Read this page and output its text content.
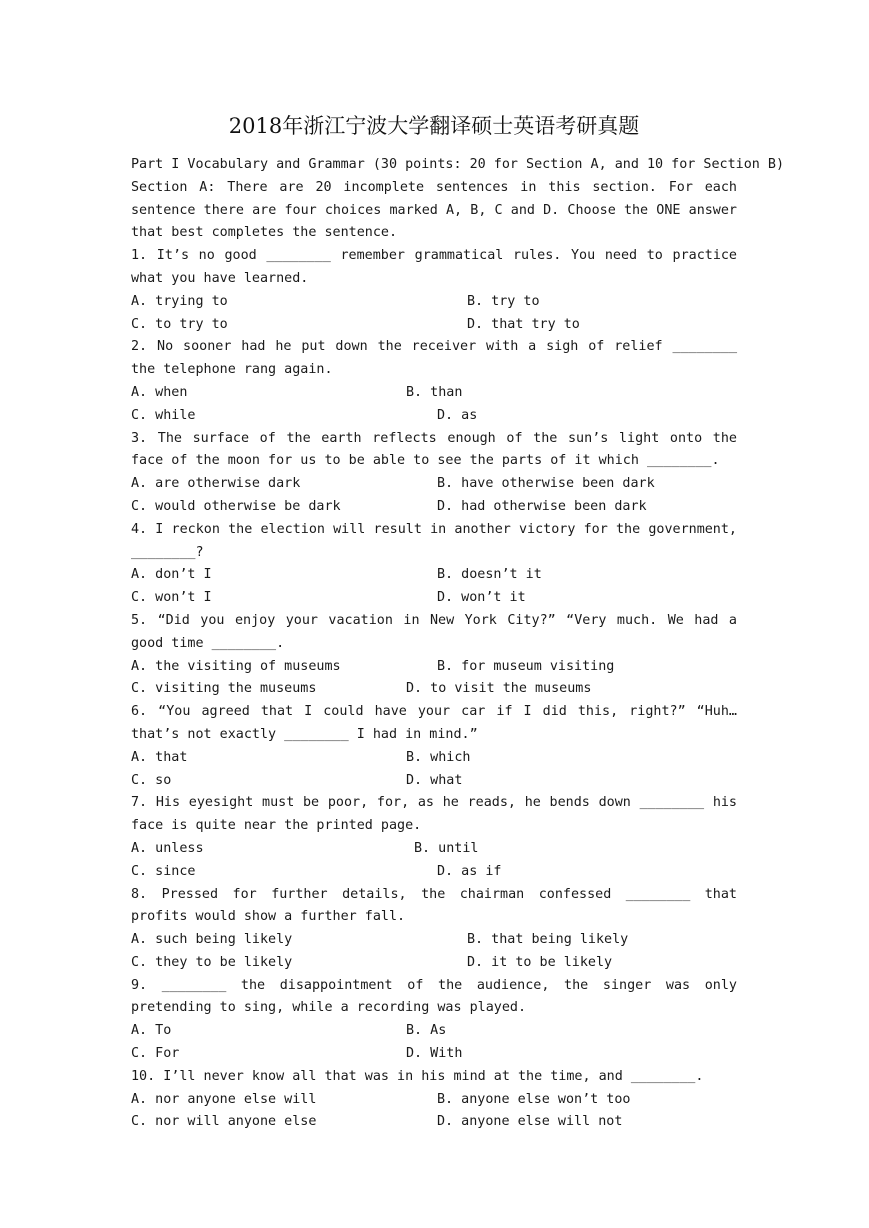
2018年浙江宁波大学翻译硕士英语考研真题
Part I Vocabulary and Grammar (30 points: 20 for Section A, and 10 for Section B)

Section A: There are 20 incomplete sentences in this section. For each sentence there are four choices marked A, B, C and D. Choose the ONE answer that best completes the sentence.

1. It’s no good ________ remember grammatical rules. You need to practice what you have learned.

A. trying to

	B. try to

C. to try to

	D. that try to

2. No sooner had he put down the receiver with a sigh of relief ________ the telephone rang again.

A. when

	B. than

C. while

	D. as

3. The surface of the earth reflects enough of the sun’s light onto the face of the moon for us to be able to see the parts of it which ________.

A. are otherwise dark

	B. have otherwise been dark

C. would otherwise be dark

	D. had otherwise been dark

4. I reckon the election will result in another victory for the government, ________?

A. don’t I

	B. doesn’t it

C. won’t I

	D. won’t it

5. “Did you enjoy your vacation in New York City?” “Very much. We had a good time ________.

A. the visiting of museums

	B. for museum visiting

C. visiting the museums

	D. to visit the museums

6. “You agreed that I could have your car if I did this, right?” “Huh… that’s not exactly ________ I had in mind.”

A. that

	B. which

C. so

	D. what

7. His eyesight must be poor, for, as he reads, he bends down ________ his face is quite near the printed page.

A. unless

	B. until

C. since

	D. as if

8. Pressed for further details, the chairman confessed ________ that profits would show a further fall.

A. such being likely

	B. that being likely

C. they to be likely

	D. it to be likely

9. ________ the disappointment of the audience, the singer was only pretending to sing, while a recording was played.

A. To

	B. As

C. For

	D. With

10. I’ll never know all that was in his mind at the time, and ________.

A. nor anyone else will

	B. anyone else won’t too

C. nor will anyone else

	D. anyone else will not
